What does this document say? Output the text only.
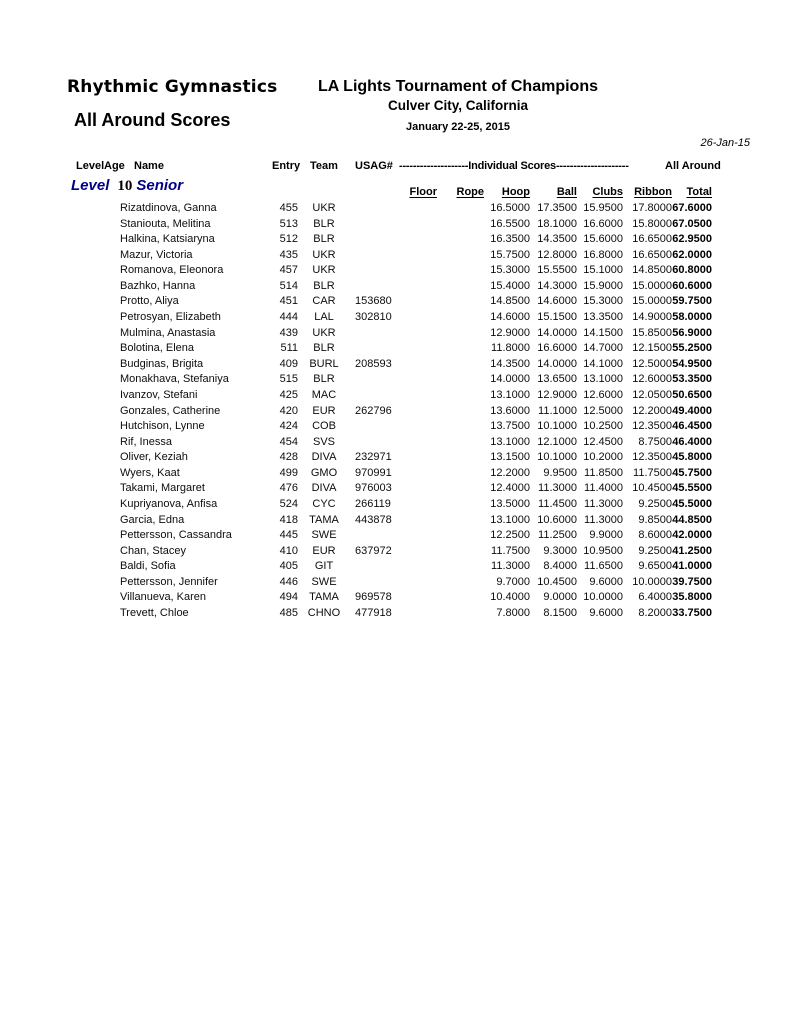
Rhythmic Gymnastics	LA Lights Tournament of Champions
Culver City, California
January 22-25, 2015
All Around Scores
26-Jan-15
Level Age Name	Entry Team USAG# --------------------Individual Scores---------------------	All Around
Level 10 Senior	Floor	Rope	Hoop	Ball	Clubs	Ribbon	Total
Rizatdinova, Ganna	455	UKR	16.5000 17.3500 15.9500 17.8000 67.6000
Staniouta, Melitina	513	BLR	16.5500 18.1000 16.6000 15.8000 67.0500
Halkina, Katsiaryna	512	BLR	16.3500 14.3500 15.6000 16.6500 62.9500
Mazur, Victoria	435	UKR	15.7500 12.8000 16.8000 16.6500 62.0000
Romanova, Eleonora	457	UKR	15.3000 15.5500 15.1000 14.8500 60.8000
Bazhko, Hanna	514	BLR	15.4000 14.3000 15.9000 15.0000 60.6000
Protto, Aliya	451	CAR	153680	14.8500 14.6000 15.3000 15.0000 59.7500
Petrosyan, Elizabeth	444	LAL	302810	14.6000 15.1500 13.3500 14.9000 58.0000
Mulmina, Anastasia	439	UKR	12.9000 14.0000 14.1500 15.8500 56.9000
Bolotina, Elena	511	BLR	11.8000 16.6000 14.7000 12.1500 55.2500
Budginas, Brigita	409	BURL	208593	14.3500 14.0000 14.1000 12.5000 54.9500
Monakhava, Stefaniya	515	BLR	14.0000 13.6500 13.1000 12.6000 53.3500
Ivanzov, Stefani	425	MAC	13.1000 12.9000 12.6000 12.0500 50.6500
Gonzales, Catherine	420	EUR	262796	13.6000 11.1000 12.5000 12.2000 49.4000
Hutchison, Lynne	424	COB	13.7500 10.1000 10.2500 12.3500 46.4500
Rif, Inessa	454	SVS	13.1000 12.1000 12.4500	8.7500 46.4000
Oliver, Keziah	428	DIVA	232971	13.1500 10.1000 10.2000 12.3500 45.8000
Wyers, Kaat	499	GMO	970991	12.2000	9.9500 11.8500 11.7500 45.7500
Takami, Margaret	476	DIVA	976003	12.4000 11.3000 11.4000 10.4500 45.5500
Kupriyanova, Anfisa	524	CYC	266119	13.5000 11.4500 11.3000	9.2500 45.5000
Garcia, Edna	418	TAMA	443878	13.1000 10.6000 11.3000	9.8500 44.8500
Pettersson, Cassandra	445	SWE	12.2500 11.2500	9.9000	8.6000 42.0000
Chan, Stacey	410	EUR	637972	11.7500	9.3000 10.9500	9.2500 41.2500
Baldi, Sofia	405	GIT	11.3000	8.4000 11.6500	9.6500 41.0000
Pettersson, Jennifer	446	SWE	9.7000 10.4500	9.6000 10.0000 39.7500
Villanueva, Karen	494	TAMA	969578	10.4000	9.0000 10.0000	6.4000 35.8000
Trevett, Chloe	485 CHNO	477918	7.8000	8.1500	9.6000	8.2000 33.7500
